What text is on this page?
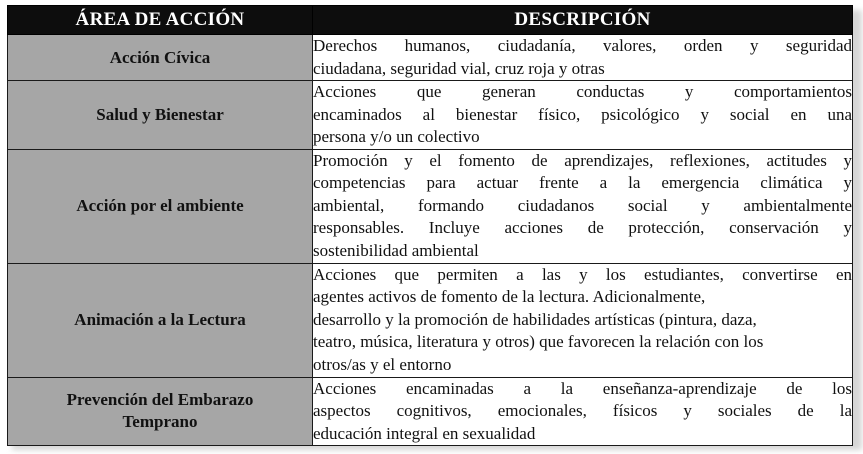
ÁREA DE ACCIÓN	DESCRIPCIÓN
Acción Cívica	Derechos humanos, ciudadanía, valores, orden y seguridad
ciudadana, seguridad vial, cruz roja y otras

Salud y Bienestar	Acciones que generan conductas y comportamientos
encaminados al bienestar físico, psicológico y social en una
persona y/o un colectivo

Acción por el ambiente	Promoción y el fomento de aprendizajes, reflexiones, actitudes y
competencias para actuar frente a la emergencia climática y
ambiental, formando ciudadanos social y ambientalmente
responsables. Incluye acciones de protección, conservación y
sostenibilidad ambiental

Animación a la Lectura	Acciones que permiten a las y los estudiantes, convertirse en
agentes activos de fomento de la lectura. Adicionalmente,
desarrollo y la promoción de habilidades artísticas (pintura, daza,
teatro, música, literatura y otros) que favorecen la relación con los
otros/as y el entorno

Prevención del Embarazo
Temprano	Acciones encaminadas a la enseñanza-aprendizaje de los
aspectos cognitivos, emocionales, físicos y sociales de la
educación integral en sexualidad
